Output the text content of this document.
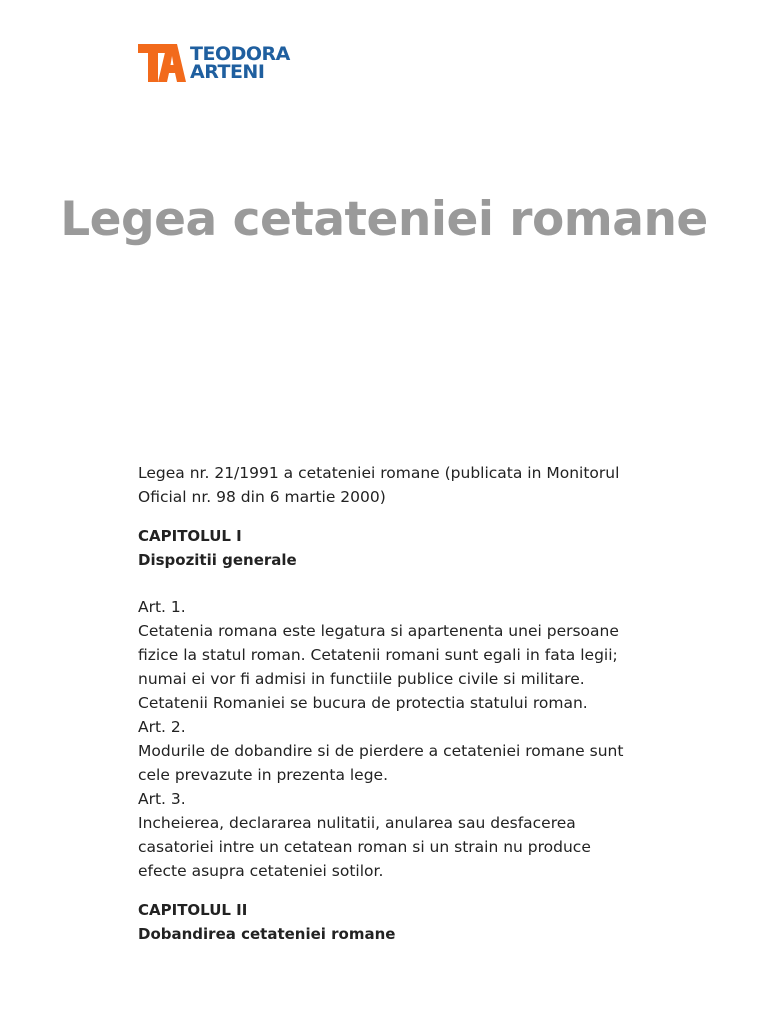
TEODORA
ARTENI
Legea cetateniei romane

Legea nr. 21/1991 a cetateniei romane (publicata in Monitorul Oficial nr. 98 din 6 martie 2000)

CAPITOLUL I

Dispozitii generale

Art. 1.

Cetatenia romana este legatura si apartenenta unei persoane fizice la statul roman. Cetatenii romani sunt egali in fata legii; numai ei vor fi admisi in functiile publice civile si militare. Cetatenii Romaniei se bucura de protectia statului roman.

Art. 2.

Modurile de dobandire si de pierdere a cetateniei romane sunt cele prevazute in prezenta lege.

Art. 3.

Incheierea, declararea nulitatii, anularea sau desfacerea casatoriei intre un cetatean roman si un strain nu produce efecte asupra cetateniei sotilor.

CAPITOLUL II

Dobandirea cetateniei romane
